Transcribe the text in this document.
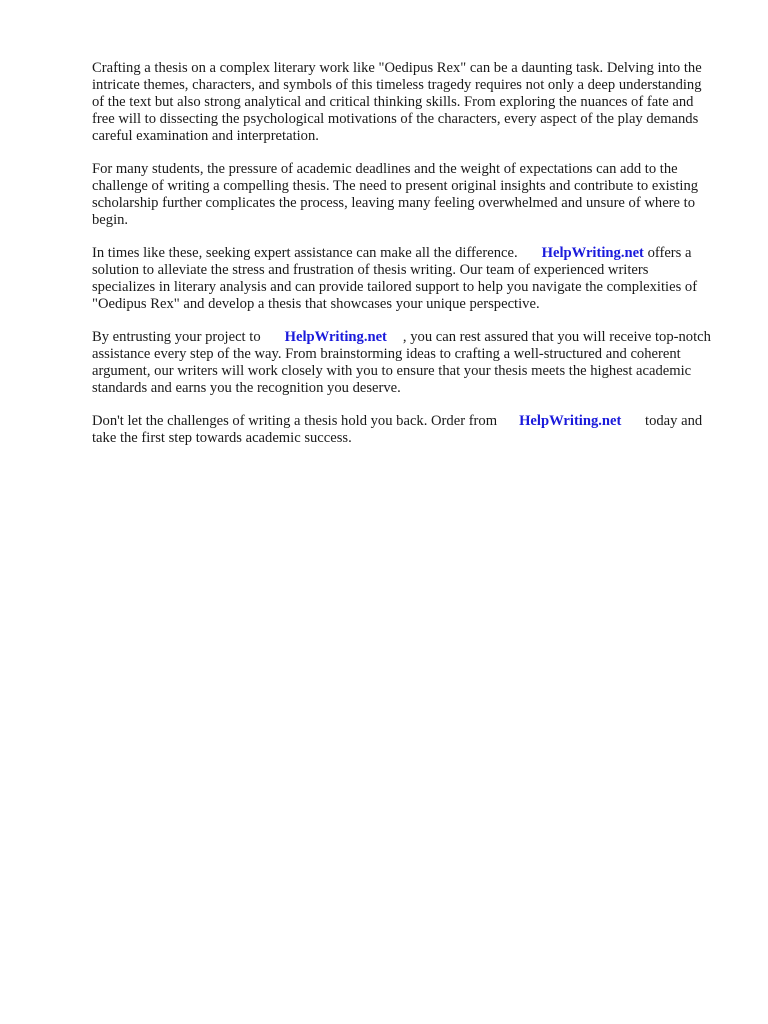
Crafting a thesis on a complex literary work like "Oedipus Rex" can be a daunting task. Delving into the intricate themes, characters, and symbols of this timeless tragedy requires not only a deep understanding of the text but also strong analytical and critical thinking skills. From exploring the nuances of fate and free will to dissecting the psychological motivations of the characters, every aspect of the play demands careful examination and interpretation.

For many students, the pressure of academic deadlines and the weight of expectations can add to the challenge of writing a compelling thesis. The need to present original insights and contribute to existing scholarship further complicates the process, leaving many feeling overwhelmed and unsure of where to begin.

In times like these, seeking expert assistance can make all the difference. HelpWriting.net offers a solution to alleviate the stress and frustration of thesis writing. Our team of experienced writers specializes in literary analysis and can provide tailored support to help you navigate the complexities of "Oedipus Rex" and develop a thesis that showcases your unique perspective.

By entrusting your project to HelpWriting.net , you can rest assured that you will receive top-notch assistance every step of the way. From brainstorming ideas to crafting a well-structured and coherent argument, our writers will work closely with you to ensure that your thesis meets the highest academic standards and earns you the recognition you deserve.

Don't let the challenges of writing a thesis hold you back. Order from HelpWriting.net today and take the first step towards academic success.
